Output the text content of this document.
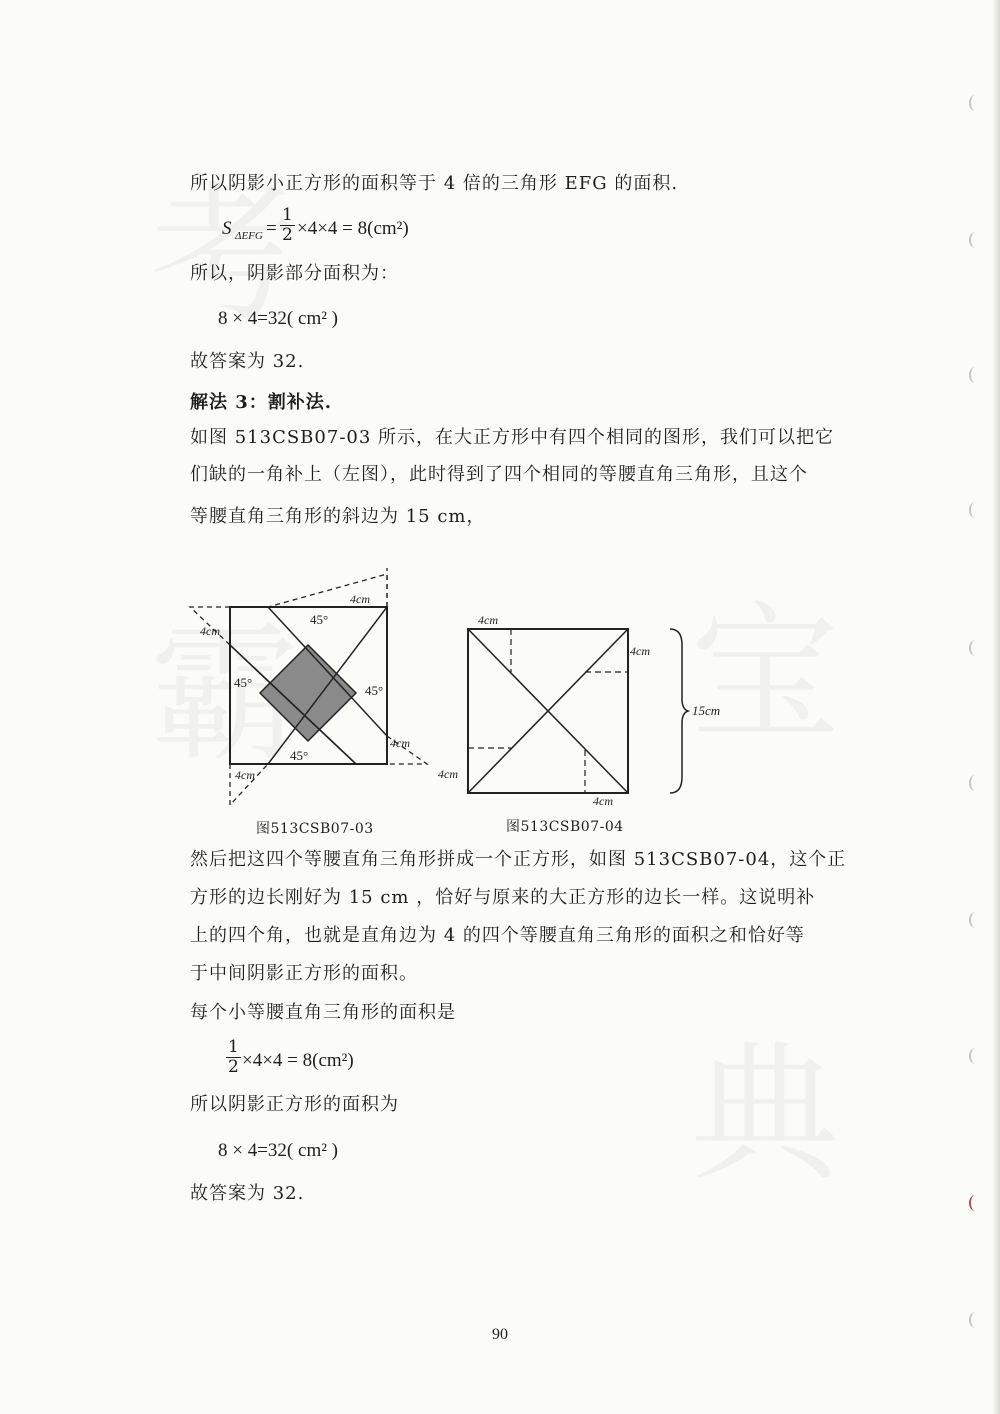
所以阴影小正方形的面积等于 4 倍的三角形 EFG 的面积.
S $\Delta EFG = \frac{1}{2} \times 4\times 4 = 8(cm^2)$
所以，阴影部分面积为：
8 × 4=32( cm² )
故答案为 32.
解法 3：割补法.
如图 513CSB07-03 所示，在大正方形中有四个相同的图形，我们可以把它
们缺的一角补上（左图），此时得到了四个相同的等腰直角三角形，且这个
等腰直角三角形的斜边为 15 cm，
45°
45°
45°
45°
4cm
4cm
4cm
4cm
图513CSB07-03
4cm
4cm
4cm
4cm
15cm
图513CSB07-04
然后把这四个等腰直角三角形拼成一个正方形，如图 513CSB07-04，这个正
方形的边长刚好为 15 cm ，恰好与原来的大正方形的边长一样。这说明补
上的四个角，也就是直角边为 4 的四个等腰直角三角形的面积之和恰好等
于中间阴影正方形的面积。
每个小等腰直角三角形的面积是
$\frac{1}{2} \times 4\times 4 = 8(cm^2)$
所以阴影正方形的面积为
8 × 4=32( cm² )
故答案为 32.
90
